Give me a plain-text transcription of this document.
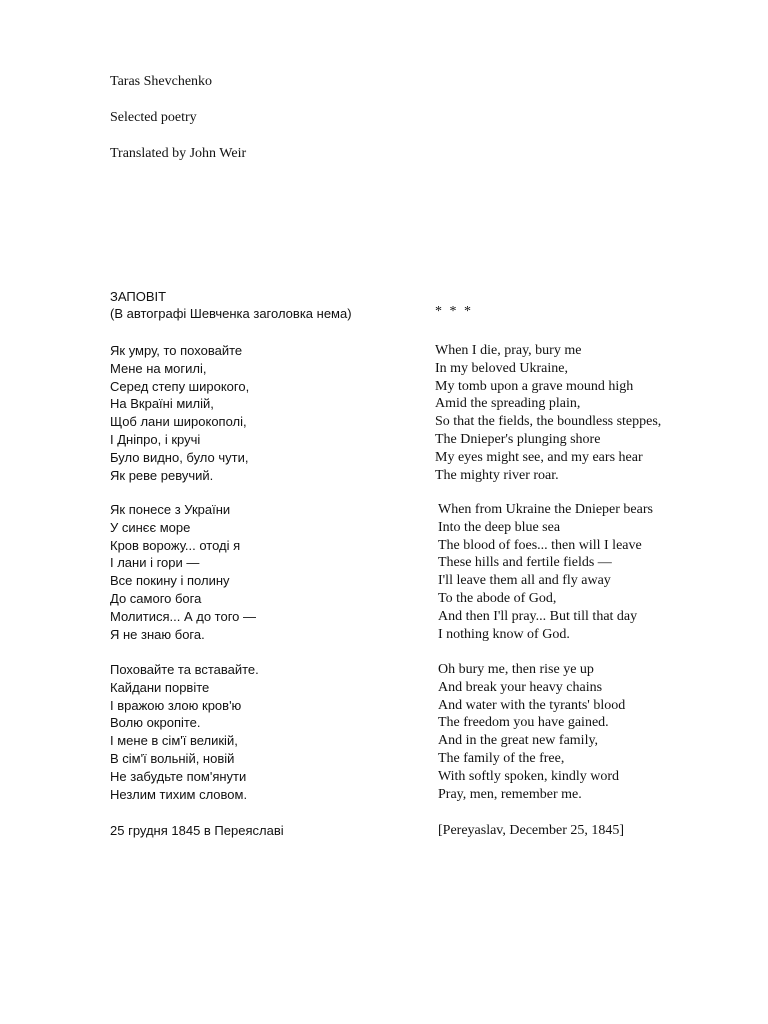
Taras Shevchenko
Selected poetry
Translated by John Weir
ЗАПОВІТ
(В автографі Шевченка заголовка нема)	* * *
Як умру, то поховайте
Мене на могилі,
Серед степу широкого,
На Вкраїні милій,
Щоб лани широкополі,
І Дніпро, і кручі
Було видно, було чути,
Як реве ревучий.
Як понесе з України
У синєє море
Кров ворожу... отоді я
І лани і гори —
Все покину і полину
До самого бога
Молитися... А до того —
Я не знаю бога.
Поховайте та вставайте.
Кайдани порвіте
І вражою злою кров'ю
Волю окропіте.
І мене в сім'ї великій,
В сім'ї вольній, новій
Не забудьте пом'янути
Незлим тихим словом.
25 грудня 1845 в Переяславі
When I die, pray, bury me
In my beloved Ukraine,
My tomb upon a grave mound high
Amid the spreading plain,
So that the fields, the boundless steppes,
The Dnieper's plunging shore
My eyes might see, and my ears hear
The mighty river roar.
When from Ukraine the Dnieper bears
Into the deep blue sea
The blood of foes... then will I leave
These hills and fertile fields —
I'll leave them all and fly away
To the abode of God,
And then I'll pray... But till that day
I nothing know of God.
Oh bury me, then rise ye up
And break your heavy chains
And water with the tyrants' blood
The freedom you have gained.
And in the great new family,
The family of the free,
With softly spoken, kindly word
Pray, men, remember me.
[Pereyaslav, December 25, 1845]
